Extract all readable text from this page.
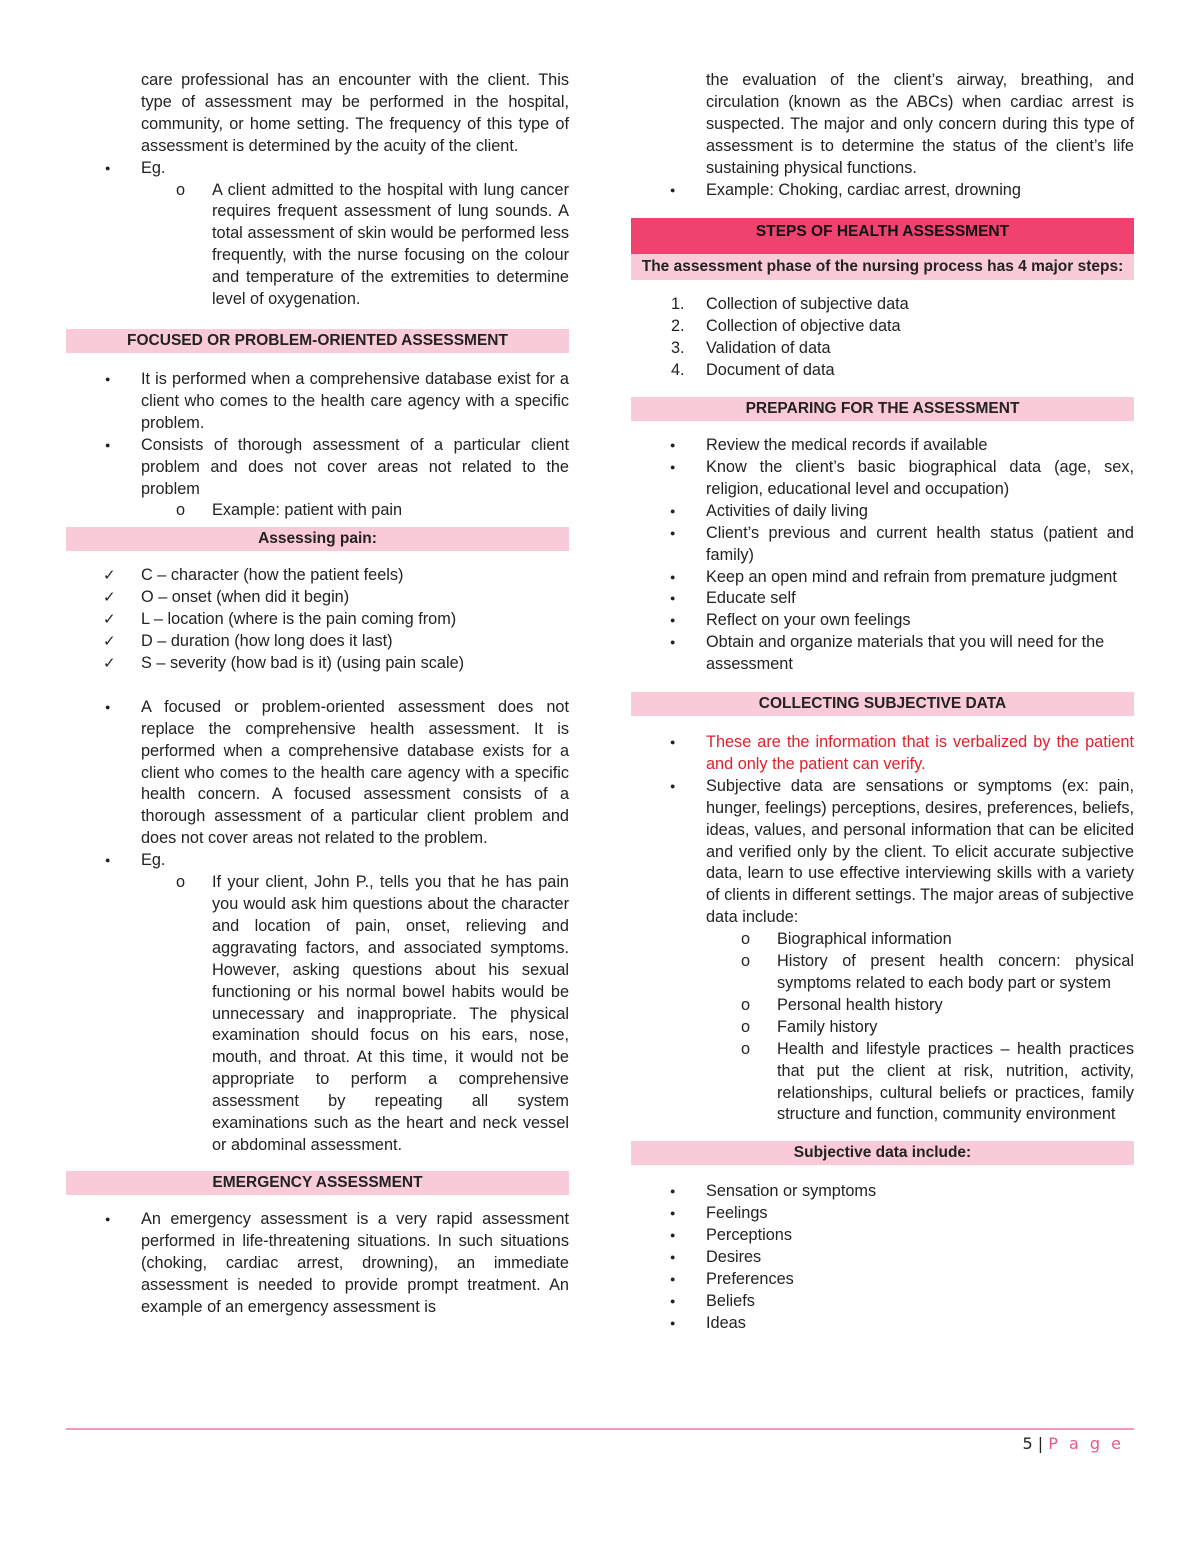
care professional has an encounter with the client. This type of assessment may be performed in the hospital, community, or home setting. The frequency of this type of assessment is determined by the acuity of the client.

● Eg.
o A client admitted to the hospital with lung cancer requires frequent assessment of lung sounds. A total assessment of skin would be performed less frequently, with the nurse focusing on the colour and temperature of the extremities to determine level of oxygenation.
FOCUSED OR PROBLEM-ORIENTED ASSESSMENT
● It is performed when a comprehensive database exist for a client who comes to the health care agency with a specific problem.
● Consists of thorough assessment of a particular client problem and does not cover areas not related to the problem
o Example: patient with pain
Assessing pain:
✓ C – character (how the patient feels)
✓ O – onset (when did it begin)
✓ L – location (where is the pain coming from)
✓ D – duration (how long does it last)
✓ S – severity (how bad is it) (using pain scale)
● A focused or problem-oriented assessment does not replace the comprehensive health assessment. It is performed when a comprehensive database exists for a client who comes to the health care agency with a specific health concern. A focused assessment consists of a thorough assessment of a particular client problem and does not cover areas not related to the problem.
● Eg.
o If your client, John P., tells you that he has pain you would ask him questions about the character and location of pain, onset, relieving and aggravating factors, and associated symptoms. However, asking questions about his sexual functioning or his normal bowel habits would be unnecessary and inappropriate. The physical examination should focus on his ears, nose, mouth, and throat. At this time, it would not be appropriate to perform a comprehensive assessment by repeating all system examinations such as the heart and neck vessel or abdominal assessment.
EMERGENCY ASSESSMENT
● An emergency assessment is a very rapid assessment performed in life-threatening situations. In such situations (choking, cardiac arrest, drowning), an immediate assessment is needed to provide prompt treatment. An example of an emergency assessment is

the evaluation of the client’s airway, breathing, and circulation (known as the ABCs) when cardiac arrest is suspected. The major and only concern during this type of assessment is to determine the status of the client’s life sustaining physical functions.

● Example: Choking, cardiac arrest, drowning
STEPS OF HEALTH ASSESSMENT
The assessment phase of the nursing process has 4 major steps:
1. Collection of subjective data
2. Collection of objective data
3. Validation of data
4. Document of data
PREPARING FOR THE ASSESSMENT
● Review the medical records if available
● Know the client’s basic biographical data (age, sex, religion, educational level and occupation)
● Activities of daily living
● Client’s previous and current health status (patient and family)
● Keep an open mind and refrain from premature judgment
● Educate self
● Reflect on your own feelings
● Obtain and organize materials that you will need for the assessment
COLLECTING SUBJECTIVE DATA
● These are the information that is verbalized by the patient and only the patient can verify.
● Subjective data are sensations or symptoms (ex: pain, hunger, feelings) perceptions, desires, preferences, beliefs, ideas, values, and personal information that can be elicited and verified only by the client. To elicit accurate subjective data, learn to use effective interviewing skills with a variety of clients in different settings. The major areas of subjective data include:
o Biographical information
o History of present health concern: physical symptoms related to each body part or system
o Personal health history
o Family history
o Health and lifestyle practices – health practices that put the client at risk, nutrition, activity, relationships, cultural beliefs or practices, family structure and function, community environment
Subjective data include:
● Sensation or symptoms
● Feelings
● Perceptions
● Desires
● Preferences
● Beliefs
● Ideas
5 | P a g e
